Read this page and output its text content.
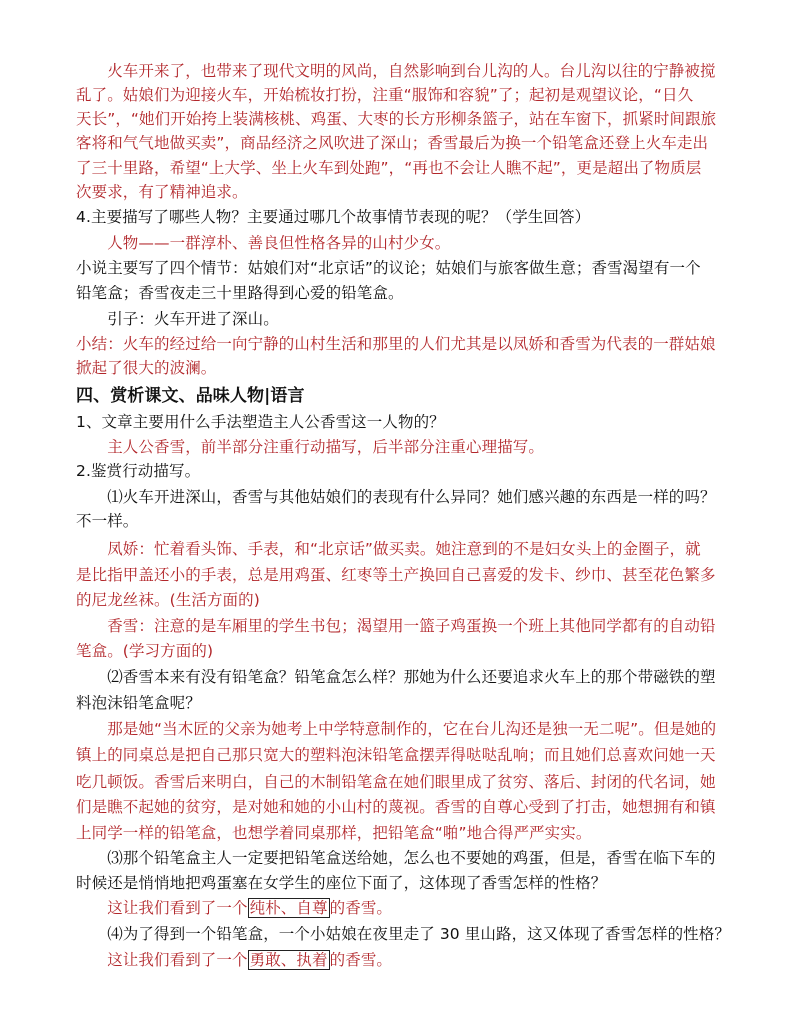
　　火车开来了，也带来了现代文明的风尚，自然影响到台儿沟的人。台儿沟以往的宁静被搅
乱了。姑娘们为迎接火车，开始梳妆打扮，注重“服饰和容貌”了；起初是观望议论，“日久
天长”，“她们开始挎上装满核桃、鸡蛋、大枣的长方形柳条篮子，站在车窗下，抓紧时间跟旅
客将和气气地做买卖”，商品经济之风吹进了深山；香雪最后为换一个铅笔盒还登上火车走出
了三十里路，希望“上大学、坐上火车到处跑”，“再也不会让人瞧不起”，更是超出了物质层
次要求，有了精神追求。
4.主要描写了哪些人物？主要通过哪几个故事情节表现的呢？（学生回答）
　　人物——一群淳朴、善良但性格各异的山村少女。
小说主要写了四个情节：姑娘们对“北京话”的议论；姑娘们与旅客做生意；香雪渴望有一个
铅笔盒；香雪夜走三十里路得到心爱的铅笔盒。
　　引子：火车开进了深山。
小结：火车的经过给一向宁静的山村生活和那里的人们尤其是以凤娇和香雪为代表的一群姑娘
掀起了很大的波澜。
四、赏析课文、品味人物|语言
1、文章主要用什么手法塑造主人公香雪这一人物的？
　　主人公香雪，前半部分注重行动描写，后半部分注重心理描写。
2.鉴赏行动描写。
　　⑴火车开进深山，香雪与其他姑娘们的表现有什么异同？她们感兴趣的东西是一样的吗？
不一样。
　　凤娇：忙着看头饰、手表，和“北京话”做买卖。她注意到的不是妇女头上的金圈子，就
是比指甲盖还小的手表，总是用鸡蛋、红枣等土产换回自己喜爱的发卡、纱巾、甚至花色繁多
的尼龙丝袜。(生活方面的)
　　香雪：注意的是车厢里的学生书包；渴望用一篮子鸡蛋换一个班上其他同学都有的自动铅
笔盒。(学习方面的)
　　⑵香雪本来有没有铅笔盒？铅笔盒怎么样？那她为什么还要追求火车上的那个带磁铁的塑
料泡沫铅笔盒呢？
　　那是她“当木匠的父亲为她考上中学特意制作的，它在台儿沟还是独一无二呢”。但是她的
镇上的同桌总是把自己那只宽大的塑料泡沫铅笔盒摆弄得哒哒乱响；而且她们总喜欢问她一天
吃几顿饭。香雪后来明白，自己的木制铅笔盒在她们眼里成了贫穷、落后、封闭的代名词，她
们是瞧不起她的贫穷，是对她和她的小山村的蔑视。香雪的自尊心受到了打击，她想拥有和镇
上同学一样的铅笔盒，也想学着同桌那样，把铅笔盒“啪”地合得严严实实。
　　⑶那个铅笔盒主人一定要把铅笔盒送给她，怎么也不要她的鸡蛋，但是，香雪在临下车的
时候还是悄悄地把鸡蛋塞在女学生的座位下面了，这体现了香雪怎样的性格？
　　这让我们看到了一个 纯朴、自尊 的香雪。
　　⑷为了得到一个铅笔盒，一个小姑娘在夜里走了 30 里山路，这又体现了香雪怎样的性格？
　　这让我们看到了一个 勇敢、执着 的香雪。
